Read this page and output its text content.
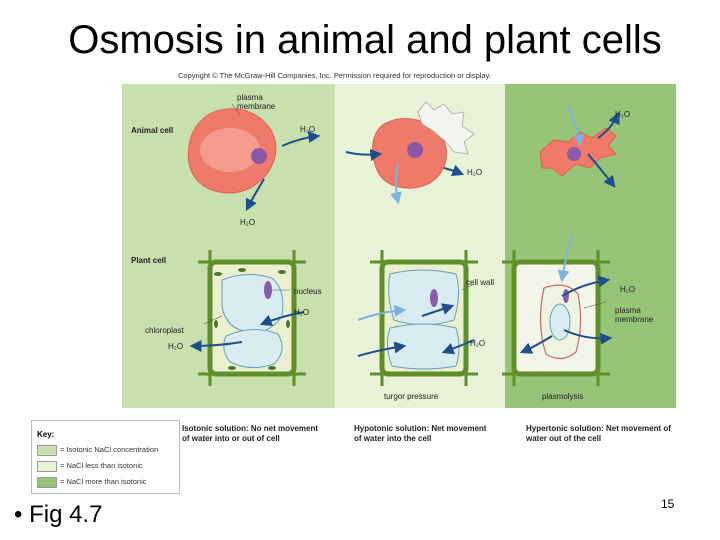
Osmosis in animal and plant cells
Copyright © The McGraw-Hill Companies, Inc. Permission required for reproduction or display.
plasma membrane
Animal cell	H₂O
H₂O
H₂O
H₂O
Plant cell
nucleus
H₂O
chloroplast
H₂O
cell wall
H₂O
turgor pressure
H₂O
plasma membrane
plasmolysis
Isotonic solution: No net movement of water into or out of cell
Hypotonic solution: Net movement of water into the cell
Hypertonic solution: Net movement of water out of the cell
Key:
= Isotonic NaCl concentration
= NaCl less than isotonic
= NaCl more than isotonic
• Fig 4.7	15
